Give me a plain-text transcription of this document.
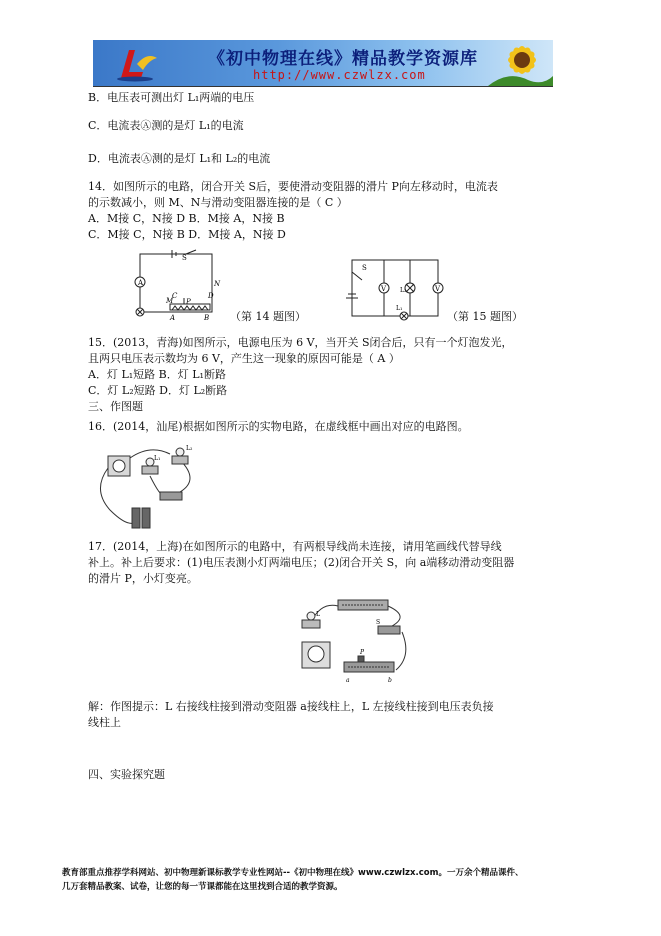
《初中物理在线》精品教学资源库
http://www.czwlzx.com
B．电压表可测出灯 L₁两端的电压
C．电流表Ⓐ测的是灯 L₁的电流
D．电流表Ⓐ测的是灯 L₁和 L₂的电流
14．如图所示的电路，闭合开关 S后，要使滑动变阻器的滑片 P向左移动时，电流表
的示数减小，则 M、N与滑动变阻器连接的是（ C ）
A．M接 C，N接 D B．M接 A，N接 B
C．M接 C，N接 B D．M接 A，N接 D
A
S
M
N
C	D
P
A	B （第 14 题图）
S
V	V
L₂
L₁
（第 15 题图）
15．(2013，青海)如图所示，电源电压为 6 V，当开关 S闭合后，只有一个灯泡发光，
且两只电压表示数均为 6 V，产生这一现象的原因可能是（ A ）
A．灯 L₁短路 B．灯 L₁断路
C．灯 L₂短路 D．灯 L₂断路
三、作图题
16．(2014，汕尾)根据如图所示的实物电路，在虚线框中画出对应的电路图。
L₁
L₂
17．(2014，上海)在如图所示的电路中，有两根导线尚未连接，请用笔画线代替导线
补上。补上后要求：(1)电压表测小灯两端电压；(2)闭合开关 S，向 a端移动滑动变阻器
的滑片 P，小灯变亮。
L
S
P
a	b
解：作图提示：L 右接线柱接到滑动变阻器 a接线柱上，L 左接线柱接到电压表负接
线柱上
四、实验探究题
教育部重点推荐学科网站、初中物理新课标教学专业性网站--《初中物理在线》www.czwlzx.com。一万余个精品课件、
几万套精品教案、试卷，让您的每一节课都能在这里找到合适的教学资源。
